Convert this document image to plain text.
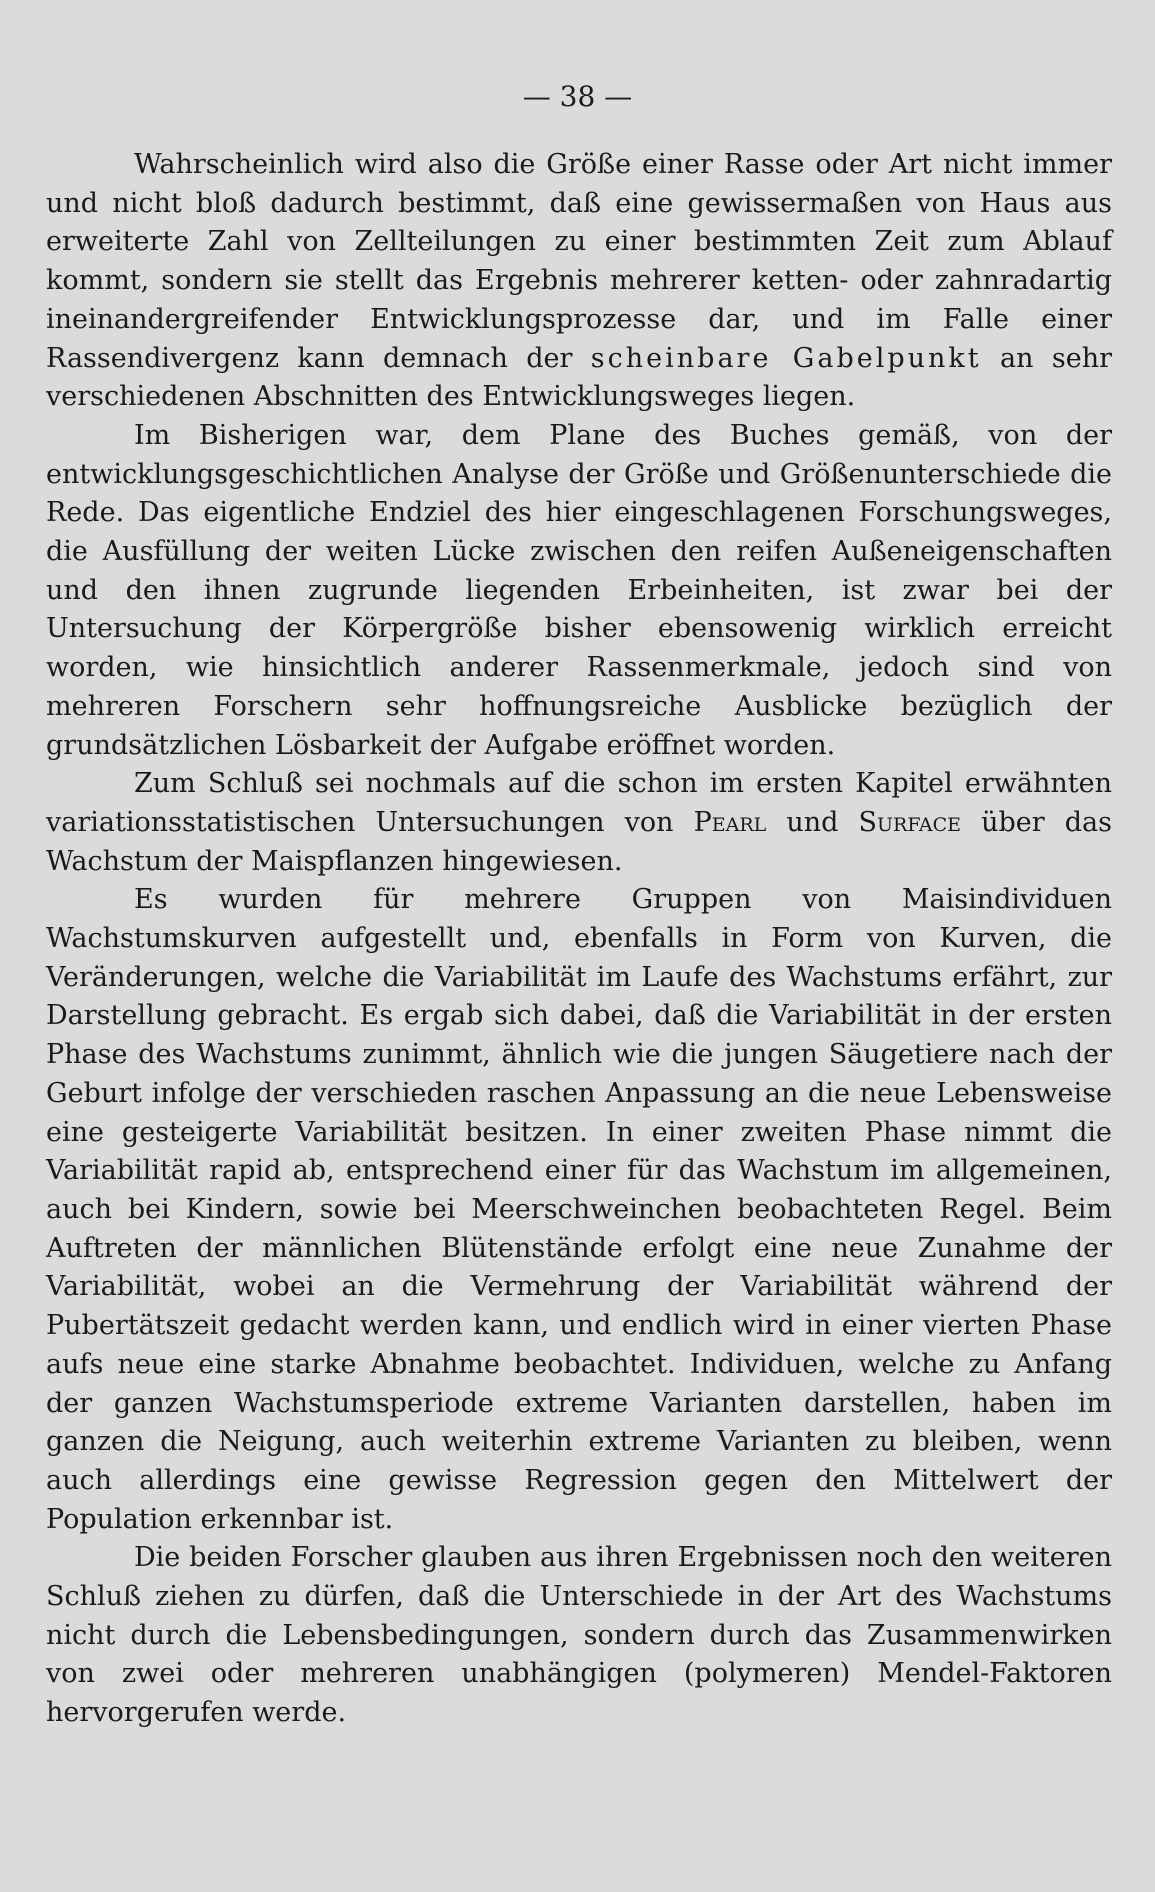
— 38 —

Wahrscheinlich wird also die Größe einer Rasse oder Art nicht immer und nicht bloß dadurch bestimmt, daß eine gewissermaßen von Haus aus erweiterte Zahl von Zellteilungen zu einer bestimmten Zeit zum Ablauf kommt, sondern sie stellt das Ergebnis mehrerer ketten- oder zahnradartig ineinandergreifender Entwicklungsprozesse dar, und im Falle einer Rassendivergenz kann demnach der scheinbare Gabelpunkt an sehr verschiedenen Abschnitten des Entwicklungsweges liegen.

Im Bisherigen war, dem Plane des Buches gemäß, von der entwicklungsgeschichtlichen Analyse der Größe und Größenunterschiede die Rede. Das eigentliche Endziel des hier eingeschlagenen Forschungsweges, die Ausfüllung der weiten Lücke zwischen den reifen Außeneigenschaften und den ihnen zugrunde liegenden Erbeinheiten, ist zwar bei der Untersuchung der Körpergröße bisher ebensowenig wirklich erreicht worden, wie hinsichtlich anderer Rassenmerkmale, jedoch sind von mehreren Forschern sehr hoffnungsreiche Ausblicke bezüglich der grundsätzlichen Lösbarkeit der Aufgabe eröffnet worden.

Zum Schluß sei nochmals auf die schon im ersten Kapitel erwähnten variationsstatistischen Untersuchungen von Pearl und Surface über das Wachstum der Maispflanzen hingewiesen.

Es wurden für mehrere Gruppen von Maisindividuen Wachstumskurven aufgestellt und, ebenfalls in Form von Kurven, die Veränderungen, welche die Variabilität im Laufe des Wachstums erfährt, zur Darstellung gebracht. Es ergab sich dabei, daß die Variabilität in der ersten Phase des Wachstums zunimmt, ähnlich wie die jungen Säugetiere nach der Geburt infolge der verschieden raschen Anpassung an die neue Lebensweise eine gesteigerte Variabilität besitzen. In einer zweiten Phase nimmt die Variabilität rapid ab, entsprechend einer für das Wachstum im allgemeinen, auch bei Kindern, sowie bei Meerschweinchen beobachteten Regel. Beim Auftreten der männlichen Blütenstände erfolgt eine neue Zunahme der Variabilität, wobei an die Vermehrung der Variabilität während der Pubertätszeit gedacht werden kann, und endlich wird in einer vierten Phase aufs neue eine starke Abnahme beobachtet. Individuen, welche zu Anfang der ganzen Wachstumsperiode extreme Varianten darstellen, haben im ganzen die Neigung, auch weiterhin extreme Varianten zu bleiben, wenn auch allerdings eine gewisse Regression gegen den Mittelwert der Population erkennbar ist.

Die beiden Forscher glauben aus ihren Ergebnissen noch den weiteren Schluß ziehen zu dürfen, daß die Unterschiede in der Art des Wachstums nicht durch die Lebensbedingungen, sondern durch das Zusammenwirken von zwei oder mehreren unabhängigen (polymeren) Mendel-Faktoren hervorgerufen werde.
